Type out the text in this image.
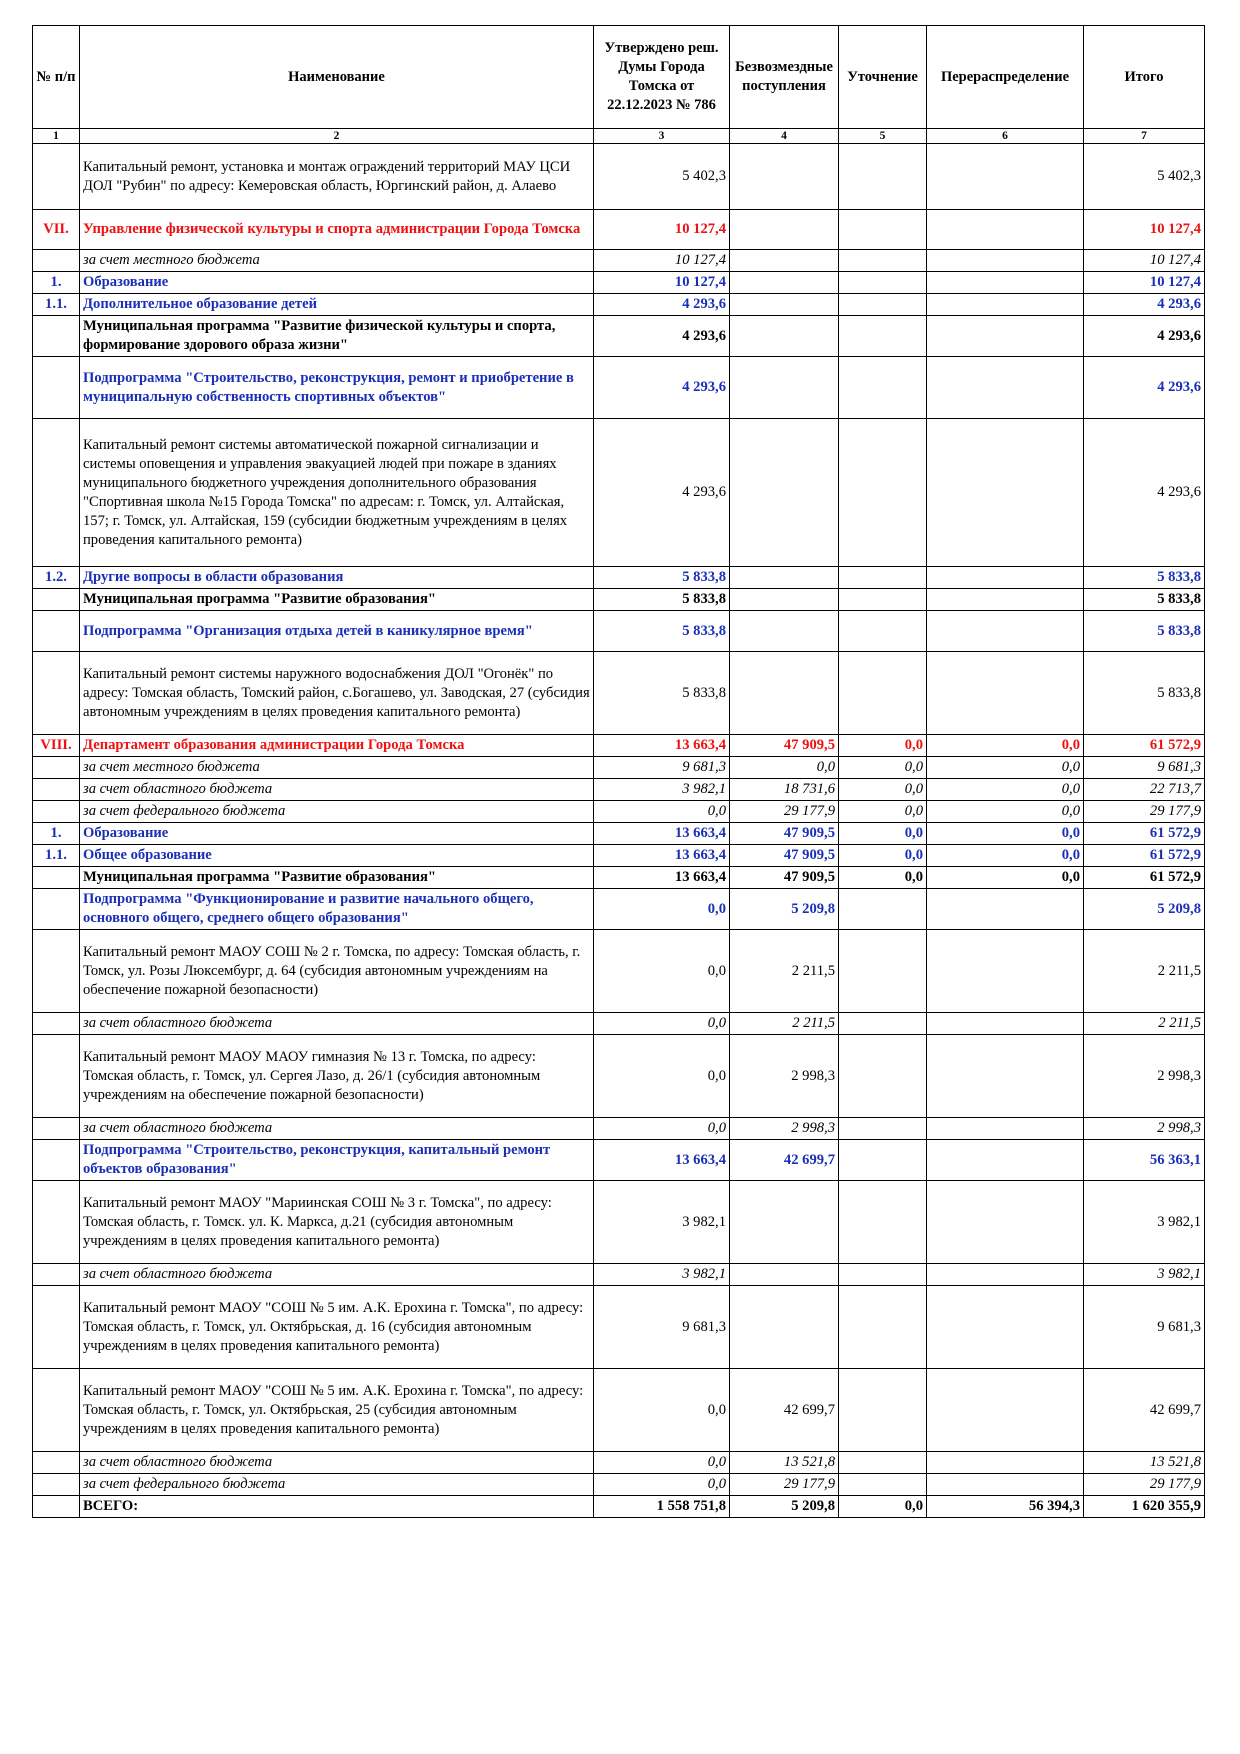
№ п/п	Наименование	Утверждено реш. Думы Города Томска от 22.12.2023 № 786	Безвозмездные поступления	Уточнение	Перераспределение	Итого
1	2	3	4	5	6	7
	Капитальный ремонт, установка и монтаж ограждений территорий МАУ ЦСИ ДОЛ "Рубин" по адресу: Кемеровская область, Юргинский район, д. Алаево	5 402,3				5 402,3
VII.	Управление физической культуры и спорта администрации Города Томска	10 127,4				10 127,4
	за счет местного бюджета	10 127,4				10 127,4
1.	Образование	10 127,4				10 127,4
1.1.	Дополнительное образование детей	4 293,6				4 293,6
	Муниципальная программа "Развитие физической культуры и спорта, формирование здорового образа жизни"	4 293,6				4 293,6
	Подпрограмма "Строительство, реконструкция, ремонт и приобретение в муниципальную собственность спортивных объектов"	4 293,6				4 293,6
	Капитальный ремонт системы автоматической пожарной сигнализации и системы оповещения и управления эвакуацией людей при пожаре в зданиях муниципального бюджетного учреждения дополнительного образования "Спортивная школа №15 Города Томска" по адресам: г. Томск, ул. Алтайская, 157; г. Томск, ул. Алтайская, 159 (субсидии бюджетным учреждениям в целях проведения капитального ремонта)	4 293,6				4 293,6
1.2.	Другие вопросы в области образования	5 833,8				5 833,8
	Муниципальная программа "Развитие образования"	5 833,8				5 833,8
	Подпрограмма "Организация отдыха детей в каникулярное время"	5 833,8				5 833,8
	Капитальный ремонт системы наружного водоснабжения ДОЛ "Огонёк" по адресу: Томская область, Томский район, с.Богашево, ул. Заводская, 27 (субсидия автономным учреждениям в целях проведения капитального ремонта)	5 833,8				5 833,8
VIII.	Департамент образования администрации Города Томска	13 663,4	47 909,5	0,0	0,0	61 572,9
	за счет местного бюджета	9 681,3	0,0	0,0	0,0	9 681,3
	за счет областного бюджета	3 982,1	18 731,6	0,0	0,0	22 713,7
	за счет федерального бюджета	0,0	29 177,9	0,0	0,0	29 177,9
1.	Образование	13 663,4	47 909,5	0,0	0,0	61 572,9
1.1.	Общее образование	13 663,4	47 909,5	0,0	0,0	61 572,9
	Муниципальная программа "Развитие образования"	13 663,4	47 909,5	0,0	0,0	61 572,9
	Подпрограмма "Функционирование и развитие начального общего, основного общего, среднего общего образования"	0,0	5 209,8			5 209,8
	Капитальный ремонт МАОУ СОШ № 2 г. Томска, по адресу: Томская область, г. Томск, ул. Розы Люксембург, д. 64 (субсидия автономным учреждениям на обеспечение пожарной безопасности)	0,0	2 211,5			2 211,5
	за счет областного бюджета	0,0	2 211,5			2 211,5
	Капитальный ремонт МАОУ МАОУ гимназия № 13 г. Томска, по адресу: Томская область, г. Томск, ул. Сергея Лазо, д. 26/1 (субсидия автономным учреждениям на обеспечение пожарной безопасности)	0,0	2 998,3			2 998,3
	за счет областного бюджета	0,0	2 998,3			2 998,3
	Подпрограмма "Строительство, реконструкция, капитальный ремонт объектов образования"	13 663,4	42 699,7			56 363,1
	Капитальный ремонт МАОУ "Мариинская СОШ № 3 г. Томска", по адресу: Томская область, г. Томск. ул. К. Маркса, д.21 (субсидия автономным учреждениям в целях проведения капитального ремонта)	3 982,1				3 982,1
	за счет областного бюджета	3 982,1				3 982,1
	Капитальный ремонт МАОУ "СОШ № 5 им. А.К. Ерохина г. Томска", по адресу: Томская область, г. Томск, ул. Октябрьская, д. 16 (субсидия автономным учреждениям в целях проведения капитального ремонта)	9 681,3				9 681,3
	Капитальный ремонт МАОУ "СОШ № 5 им. А.К. Ерохина г. Томска", по адресу: Томская область, г. Томск, ул. Октябрьская, 25 (субсидия автономным учреждениям в целях проведения капитального ремонта)	0,0	42 699,7			42 699,7
	за счет областного бюджета	0,0	13 521,8			13 521,8
	за счет федерального бюджета	0,0	29 177,9			29 177,9
	ВСЕГО:	1 558 751,8	5 209,8	0,0	56 394,3	1 620 355,9
